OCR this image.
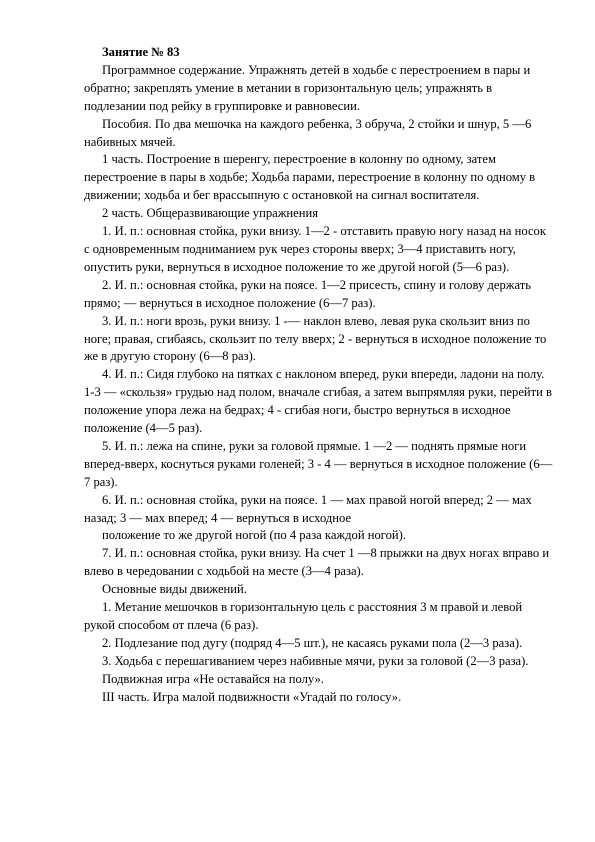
Занятие № 83

Программное содержание. Упражнять детей в ходьбе с перестроением в пары и обратно; закреплять умение в метании в горизонтальную цель; упражнять в подлезании под рейку в группировке и равновесии.

Пособия. По два мешочка на каждого ребенка, 3 обруча, 2 стойки и шнур, 5 —6 набивных мячей.

1 часть. Построение в шеренгу, перестроение в колонну по одному, затем перестроение в пары в ходьбе; Ходьба парами, перестроение в колонну по одному в движении; ходьба и бег врассыпную с остановкой на сигнал воспитателя.

2 часть. Общеразвивающие упражнения

1. И. п.: основная стойка, руки внизу. 1—2 - отставить правую ногу назад на носок с одновременным подниманием рук через стороны вверх; 3—4 приставить ногу, опустить руки, вернуться в исходное положение то же другой ногой (5—6 раз).

2. И. п.: основная стойка, руки на поясе. 1—2 присесть, спину и голову держать прямо; — вернуться в исходное положение (6—7 раз).

3. И. п.: ноги врозь, руки внизу. 1 -— наклон влево, левая рука скользит вниз по ноге; правая, сгибаясь, скользит по телу вверх; 2 - вернуться в исходное положение то же в другую сторону (6—8 раз).

4. И. п.: Сидя глубоко на пятках с наклоном вперед, руки впереди, ладони на полу. 1-3 — «скользя» грудью над полом, вначале сгибая, а затем выпрямляя руки, перейти в положение упора лежа на бедрах; 4 - сгибая ноги, быстро вернуться в исходное положение (4—5 раз).

5. И. п.: лежа на спине, руки за головой прямые. 1 —2 — поднять прямые ноги вперед-вверх, коснуться руками голеней; 3 - 4 — вернуться в исходное положение (6—7 раз).

6. И. п.: основная стойка, руки на поясе. 1 — мах правой ногой вперед; 2 — мах назад; 3 — мах вперед; 4 — вернуться в исходное

положение то же другой ногой (по 4 раза каждой ногой).

7. И. п.: основная стойка, руки внизу. На счет 1 —8 прыжки на двух ногах вправо и влево в чередовании с ходьбой на месте (3—4 раза).

Основные виды движений.

1. Метание мешочков в горизонтальную цель с расстояния 3 м правой и левой рукой способом от плеча (6 раз).

2. Подлезание под дугу (подряд 4—5 шт.), не касаясь руками пола (2—3 раза).

3. Ходьба с перешагиванием через набивные мячи, руки за головой (2—3 раза).

Подвижная игра «Не оставайся на полу».

III часть. Игра малой подвижности «Угадай по голосу».
